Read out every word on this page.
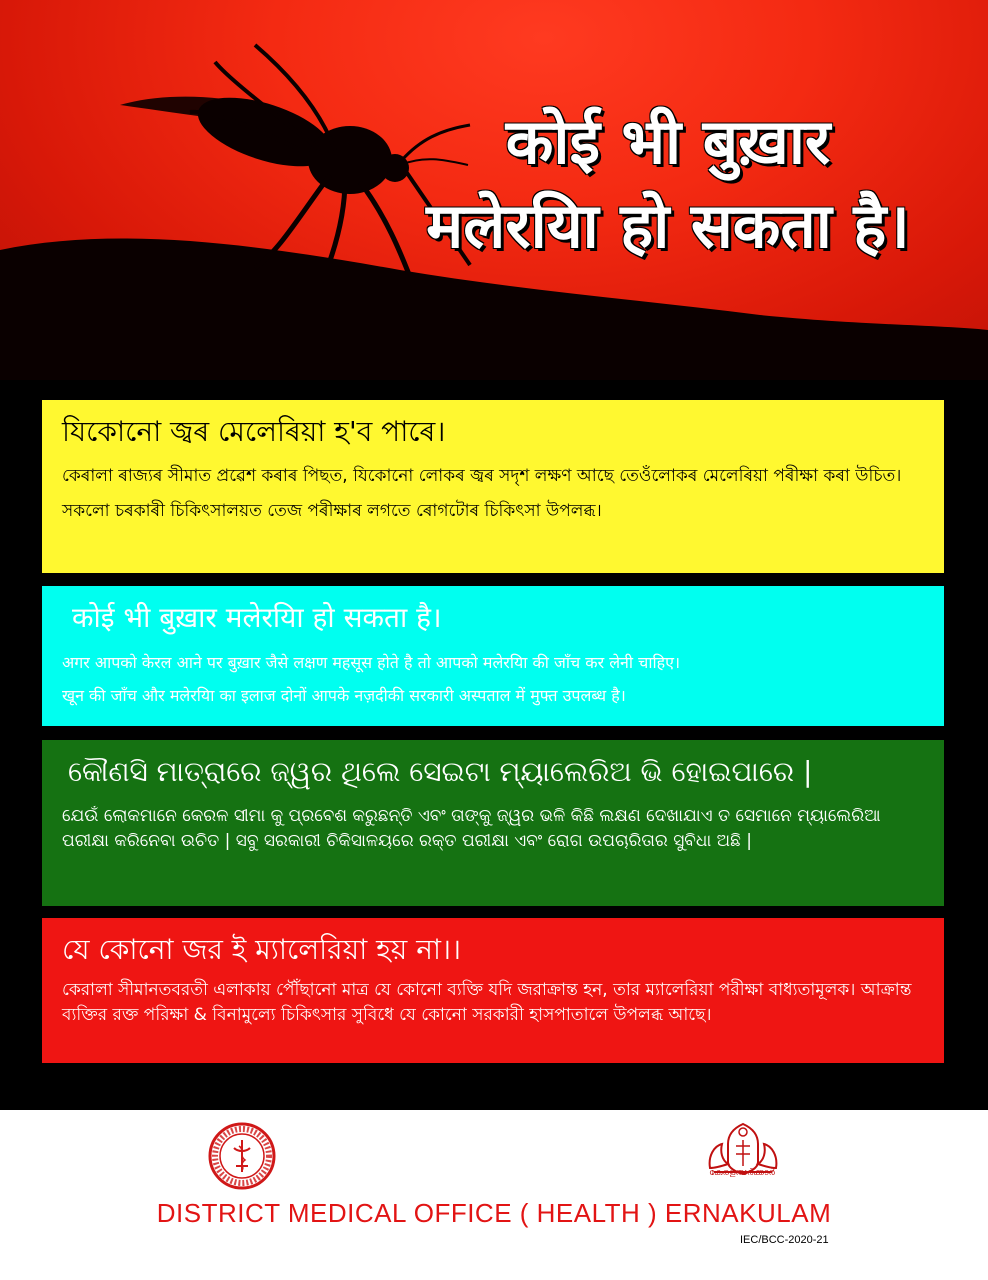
कोई भी बुख़ार
मलेरयिा हो सकता है।
যিকোনো জ্বৰ মেলেৰিয়া হ'ব পাৰে।

কেৰালা ৰাজ্যৰ সীমাত প্ৰৱেশ কৰাৰ পিছত, যিকোনো লোকৰ জ্বৰ সদৃশ লক্ষণ আছে তেওঁলোকৰ মেলেৰিয়া পৰীক্ষা কৰা উচিত।

সকলো চৰকাৰী চিকিৎসালয়ত তেজ পৰীক্ষাৰ লগতে ৰোগটোৰ চিকিৎসা উপলব্ধ।

कोई भी बुख़ार मलेरयिा हो सकता है।

अगर आपको केरल आने पर बुख़ार जैसे लक्षण महसूस होते है तो आपको मलेरयिा की जाँच कर लेनी चाहिए।

खून की जाँच और मलेरयिा का इलाज दोनों आपके नज़दीकी सरकारी अस्पताल में मुफ्त उपलब्ध है।

କୌଣସି ମାତ୍ରାରେ ଜ୍ୱର ଥିଲେ ସେଇଟା ମ୍ୟାଲେରିଅ ଭି ହୋଇପାରେ |

ଯେଉଁ ଲୋକମାନେ କେରଳ ସୀମା କୁ ପ୍ରବେଶ କରୁଛନ୍ତି ଏବଂ ତାଙ୍କୁ ଜ୍ୱର ଭଳି କିଛି ଲକ୍ଷଣ ଦେଖାଯାଏ ତ ସେମାନେ ମ୍ୟାଲେରିଆ ପରୀକ୍ଷା କରିନେବା ଉଚିତ | ସବୁ ସରକାରୀ ଚିକିସାଳୟରେ ରକ୍ତ ପରୀକ୍ଷା ଏବଂ ରୋଗ ଉପଚାରିତାର ସୁବିଧା ଅଛି |

যে কোনো জর ই ম্যালেরিয়া হয় না।।

কেরালা সীমানতবরতী এলাকায় পৌঁছানো মাত্র যে কোনো ব্যক্তি যদি জরাক্রান্ত হন, তার ম্যালেরিয়া পরীক্ষা বাধ্যতামূলক। আক্রান্ত ব্যক্তির রক্ত পরিক্ষা & বিনামুল্যে চিকিৎসার সুবিধে যে কোনো সরকারী হাসপাতালে উপলব্ধ আছে।

കേരളസർക്കാർ
DISTRICT MEDICAL OFFICE ( HEALTH ) ERNAKULAM
IEC/BCC-2020-21
